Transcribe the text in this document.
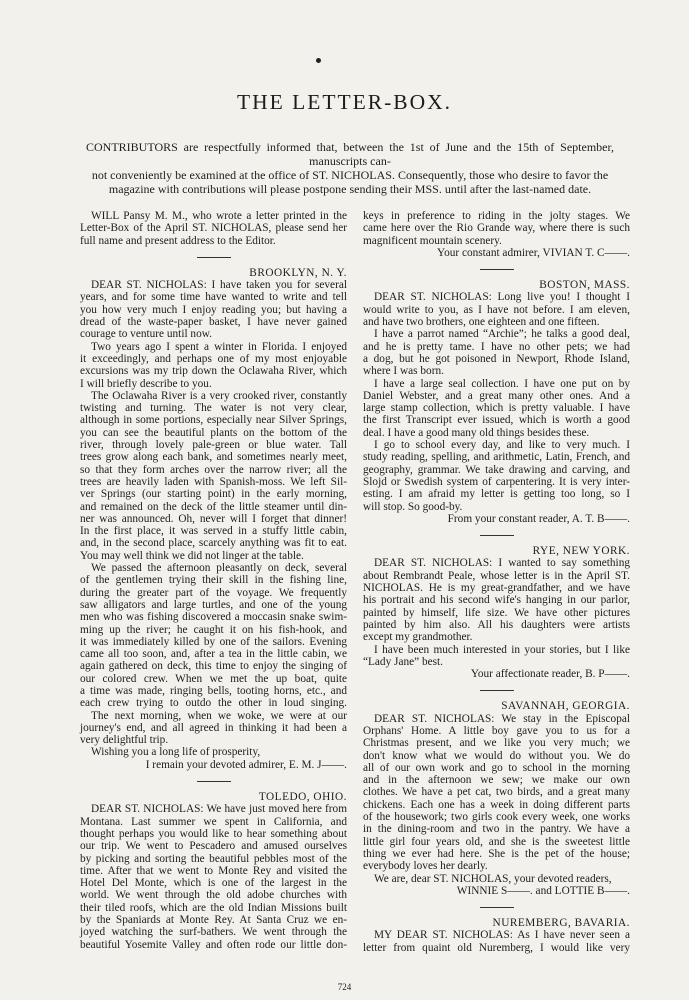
THE LETTER-BOX.
CONTRIBUTORS are respectfully informed that, between the 1st of June and the 15th of September, manuscripts can-
not conveniently be examined at the office of ST. NICHOLAS. Consequently, those who desire to favor the
magazine with contributions will please postpone sending their MSS. until after the last-named date.
WILL Pansy M. M., who wrote a letter printed in the
Letter-Box of the April ST. NICHOLAS, please send her
full name and present address to the Editor.
BROOKLYN, N. Y.
DEAR ST. NICHOLAS: I have taken you for several
years, and for some time have wanted to write and tell
you how very much I enjoy reading you; but having a
dread of the waste-paper basket, I have never gained
courage to venture until now.
Two years ago I spent a winter in Florida. I enjoyed
it exceedingly, and perhaps one of my most enjoyable
excursions was my trip down the Oclawaha River, which
I will briefly describe to you.
The Oclawaha River is a very crooked river, constantly
twisting and turning. The water is not very clear,
although in some portions, especially near Silver Springs,
you can see the beautiful plants on the bottom of the
river, through lovely pale-green or blue water. Tall
trees grow along each bank, and sometimes nearly meet,
so that they form arches over the narrow river; all the
trees are heavily laden with Spanish-moss. We left Sil-
ver Springs (our starting point) in the early morning,
and remained on the deck of the little steamer until din-
ner was announced. Oh, never will I forget that dinner!
In the first place, it was served in a stuffy little cabin,
and, in the second place, scarcely anything was fit to eat.
You may well think we did not linger at the table.
We passed the afternoon pleasantly on deck, several
of the gentlemen trying their skill in the fishing line,
during the greater part of the voyage. We frequently
saw alligators and large turtles, and one of the young
men who was fishing discovered a moccasin snake swim-
ming up the river; he caught it on his fish-hook, and
it was immediately killed by one of the sailors. Evening
came all too soon, and, after a tea in the little cabin, we
again gathered on deck, this time to enjoy the singing of
our colored crew. When we met the up boat, quite
a time was made, ringing bells, tooting horns, etc., and
each crew trying to outdo the other in loud singing.
The next morning, when we woke, we were at our
journey's end, and all agreed in thinking it had been a
very delightful trip.
Wishing you a long life of prosperity,
I remain your devoted admirer, E. M. J——.
TOLEDO, OHIO.
DEAR ST. NICHOLAS: We have just moved here from
Montana. Last summer we spent in California, and
thought perhaps you would like to hear something about
our trip. We went to Pescadero and amused ourselves
by picking and sorting the beautiful pebbles most of the
time. After that we went to Monte Rey and visited the
Hotel Del Monte, which is one of the largest in the
world. We went through the old adobe churches with
their tiled roofs, which are the old Indian Missions built
by the Spaniards at Monte Rey. At Santa Cruz we en-
joyed watching the surf-bathers. We went through the
beautiful Yosemite Valley and often rode our little don-
keys in preference to riding in the jolty stages. We
came here over the Rio Grande way, where there is such
magnificent mountain scenery.
Your constant admirer, VIVIAN T. C——.
BOSTON, MASS.
DEAR ST. NICHOLAS: Long live you! I thought I
would write to you, as I have not before. I am eleven,
and have two brothers, one eighteen and one fifteen.
I have a parrot named “Archie”; he talks a good deal,
and he is pretty tame. I have no other pets; we had
a dog, but he got poisoned in Newport, Rhode Island,
where I was born.
I have a large seal collection. I have one put on by
Daniel Webster, and a great many other ones. And a
large stamp collection, which is pretty valuable. I have
the first Transcript ever issued, which is worth a good
deal. I have a good many old things besides these.
I go to school every day, and like to very much. I
study reading, spelling, and arithmetic, Latin, French, and
geography, grammar. We take drawing and carving, and
Slojd or Swedish system of carpentering. It is very inter-
esting. I am afraid my letter is getting too long, so I
will stop. So good-by.
From your constant reader, A. T. B——.
RYE, NEW YORK.
DEAR ST. NICHOLAS: I wanted to say something
about Rembrandt Peale, whose letter is in the April ST.
NICHOLAS. He is my great-grandfather, and we have
his portrait and his second wife's hanging in our parlor,
painted by himself, life size. We have other pictures
painted by him also. All his daughters were artists
except my grandmother.
I have been much interested in your stories, but I like
“Lady Jane” best.
Your affectionate reader, B. P——.
SAVANNAH, GEORGIA.
DEAR ST. NICHOLAS: We stay in the Episcopal
Orphans' Home. A little boy gave you to us for a
Christmas present, and we like you very much; we
don't know what we would do without you. We do
all of our own work and go to school in the morning
and in the afternoon we sew; we make our own
clothes. We have a pet cat, two birds, and a great many
chickens. Each one has a week in doing different parts
of the housework; two girls cook every week, one works
in the dining-room and two in the pantry. We have a
little girl four years old, and she is the sweetest little
thing we ever had here. She is the pet of the house;
everybody loves her dearly.
We are, dear ST. NICHOLAS, your devoted readers,
WINNIE S——. and LOTTIE B——.
NUREMBERG, BAVARIA.
MY DEAR ST. NICHOLAS: As I have never seen a
letter from quaint old Nuremberg, I would like very
724
